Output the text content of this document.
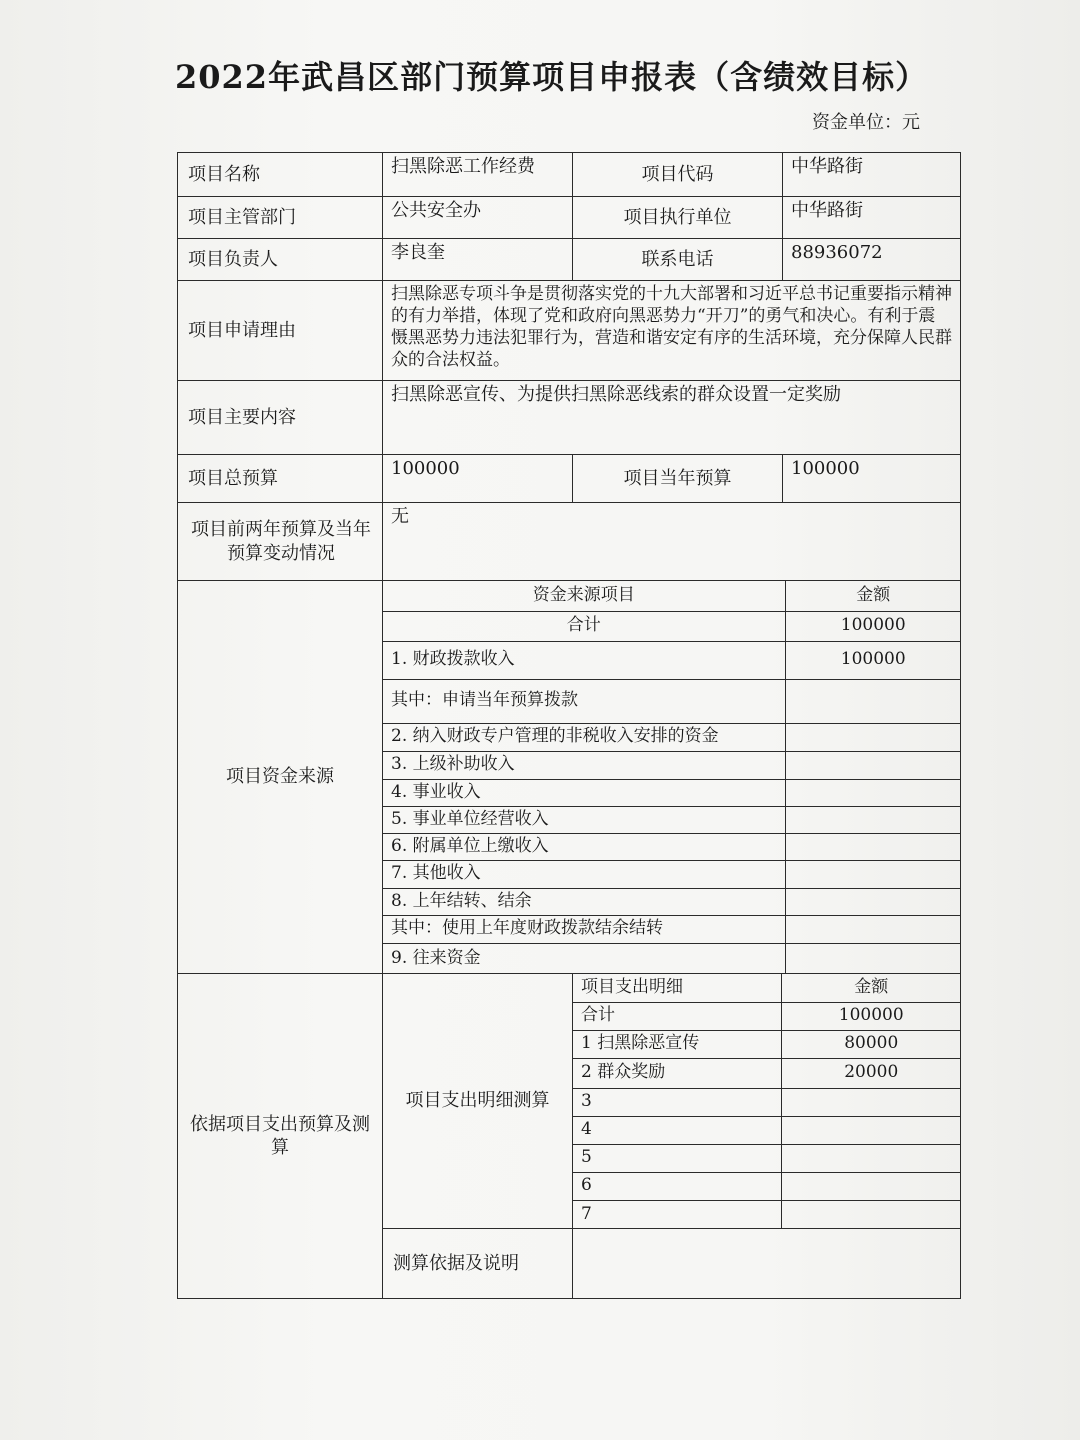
2022年武昌区部门预算项目申报表（含绩效目标）
资金单位：元
项目名称	扫黑除恶工作经费	项目代码	中华路街
项目主管部门	公共安全办	项目执行单位	中华路街
项目负责人	李良奎	联系电话	88936072
项目申请理由	扫黑除恶专项斗争是贯彻落实党的十九大部署和习近平总书记重要指示精神的有力举措，体现了党和政府向黑恶势力“开刀”的勇气和决心。有利于震慑黑恶势力违法犯罪行为，营造和谐安定有序的生活环境，充分保障人民群众的合法权益。
项目主要内容	扫黑除恶宣传、为提供扫黑除恶线索的群众设置一定奖励
项目总预算	100000	项目当年预算	100000
项目前两年预算及当年预算变动情况	无
项目资金来源	
资金来源项目	金额
合计	100000
1. 财政拨款收入	100000
其中：申请当年预算拨款	
2. 纳入财政专户管理的非税收入安排的资金	
3. 上级补助收入	
4. 事业收入	
5. 事业单位经营收入	
6. 附属单位上缴收入	
7. 其他收入	
8. 上年结转、结余	
其中：使用上年度财政拨款结余结转	
9. 往来资金	

依据项目支出预算及测算	项目支出明细测算	
项目支出明细	金额
合计	100000
1 扫黑除恶宣传	80000
2 群众奖励	20000
3	
4	
5	
6	
7	

测算依据及说明	
